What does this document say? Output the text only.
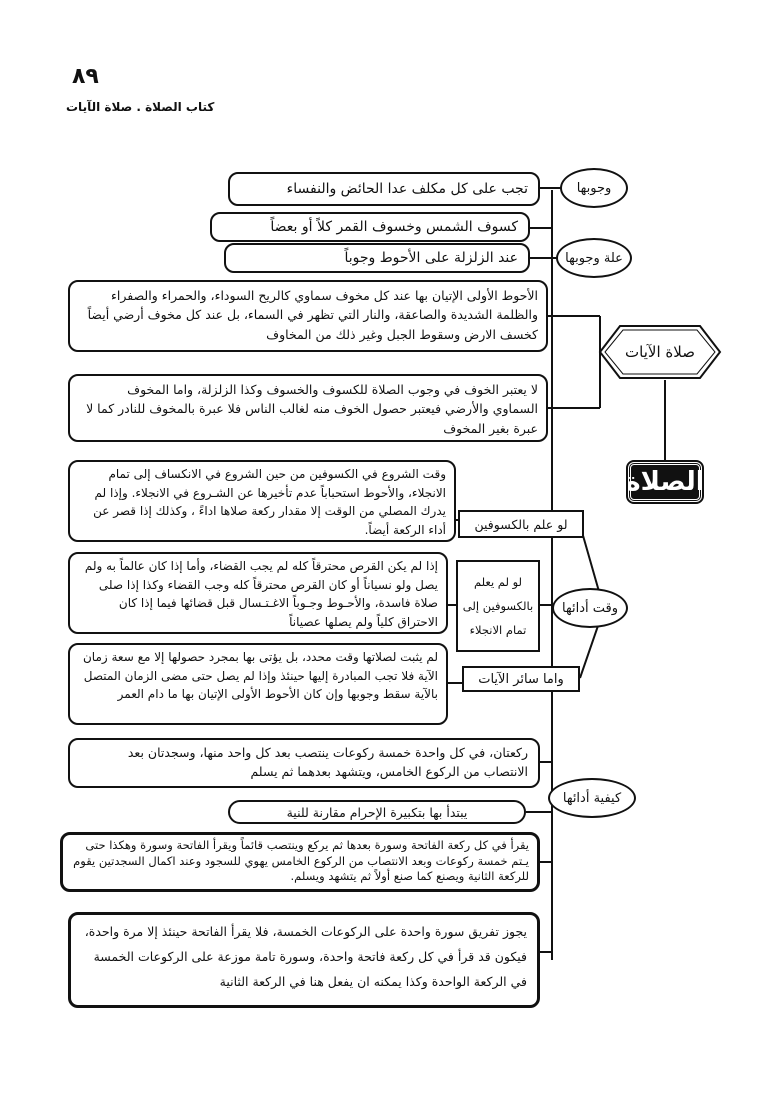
٨٩
كتاب الصلاة . صلاة الآيات
وجوبها
تجب على كل مكلف عدا الحائض والنفساء
علة وجوبها
كسوف الشمس وخسوف القمر كلاً أو بعضاً
عند الزلزلة على الأحوط وجوباً
الأحوط الأولى الإتيان بها عند كل مخوف سماوي كالريح السوداء، والحمراء والصفراء والظلمة الشديدة والصاعقة، والنار التي تظهر في السماء، بل عند كل مخوف أرضي أيضاً كخسف الارض وسقوط الجبل وغير ذلك من المخاوف
لا يعتبر الخوف في وجوب الصلاة للكسوف والخسوف وكذا الزلزلة، واما المخوف السماوي والأرضي فيعتبر حصول الخوف منه لغالب الناس فلا عبرة بالمخوف للنادر كما لا عبرة بغير المخوف
صلاة الآيات
الصلاة
وقت الشروع في الكسوفين من حين الشروع في الانكساف إلى تمام الانجلاء، والأحوط استحباباً عدم تأخيرها عن الشـروع في الانجلاء. وإذا لم يدرك المصلي من الوقت إلا مقدار ركعة صلاها اداءً ، وكذلك إذا قصر عن أداء الركعة أيضاً.	لو علم بالكسوفين
وقت أدائها
إذا لم يكن القرص محترقاً كله لم يجب القضاء، وأما إذا كان عالماً به ولم يصل ولو نسياناً أو كان القرص محترقاً كله وجب القضاء وكذا إذا صلى صلاة فاسدة، والأحـوط وجـوباً الاغـتـسال قبل قضائها فيما إذا كان الاحتراق كلياً ولم يصلها عصياناً
لو لم يعلم بالكسوفين إلى تمام الانجلاء
لم يثبت لصلاتها وقت محدد، بل يؤتى بها بمجرد حصولها إلا مع سعة زمان الآية فلا تجب المبادرة إليها حينئذ وإذا لم يصل حتى مضى الزمان المتصل بالآية سقط وجوبها وإن كان الأحوط الأولى الإتيان بها ما دام العمر
واما سائر الآيات
كيفية أدائها
ركعتان، في كل واحدة خمسة ركوعات ينتصب بعد كل واحد منها، وسجدتان بعد الانتصاب من الركوع الخامس، ويتشهد بعدهما ثم يسلم
يبتدأ بها بتكبيرة الإحرام مقارنة للنية
يقرأ في كل ركعة الفاتحة وسورة بعدها ثم يركع وينتصب قائماً ويقرأ الفاتحة وسورة وهكذا حتى يـتم خمسة ركوعات وبعد الانتصاب من الركوع الخامس يهوي للسجود وعند اكمال السجدتين يقوم للركعة الثانية ويصنع كما صنع أولاً ثم يتشهد ويسلم.
يجوز تفريق سورة واحدة على الركوعات الخمسة، فلا يقرأ الفاتحة حينئذ إلا مرة واحدة، فيكون قد قرأ في كل ركعة فاتحة واحدة، وسورة تامة موزعة على الركوعات الخمسة في الركعة الواحدة وكذا يمكنه ان يفعل هنا في الركعة الثانية
